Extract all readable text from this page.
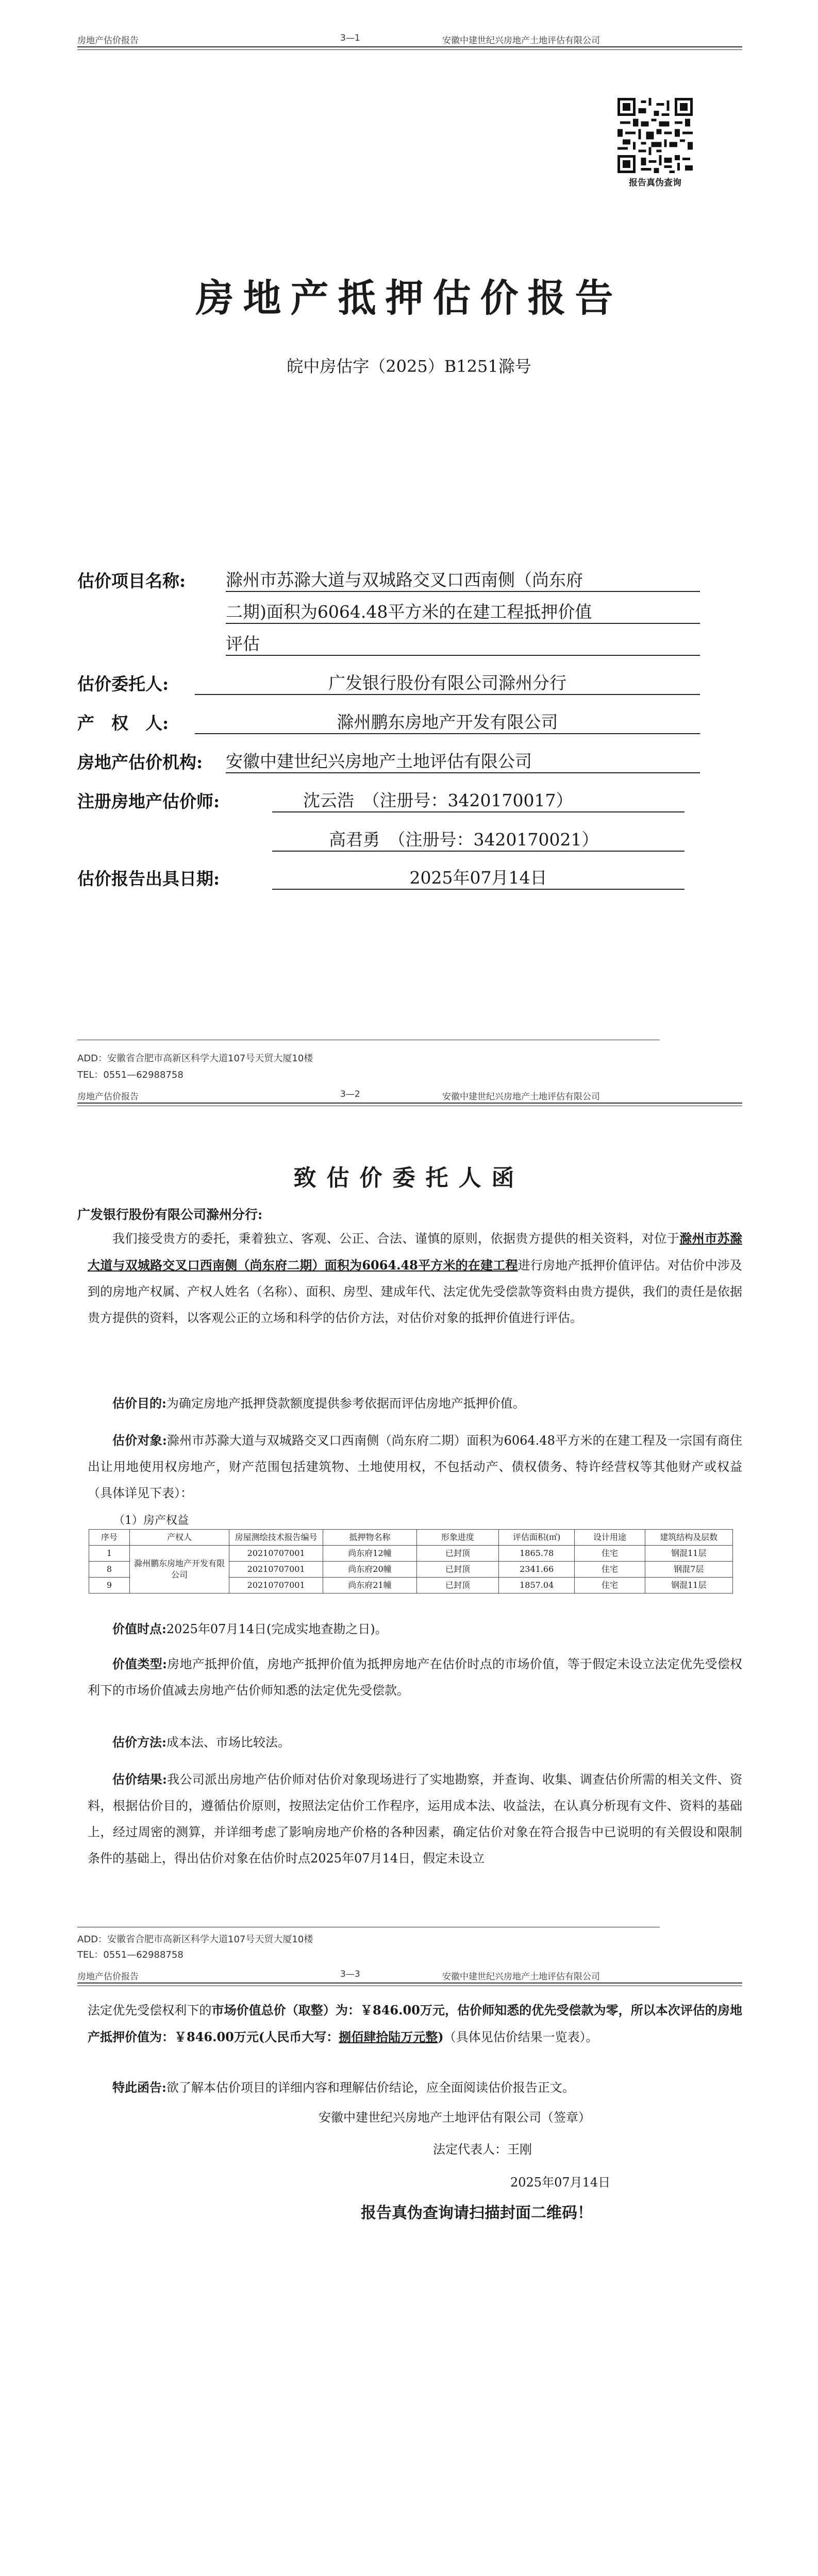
房地产估价报告	3—1	安徽中建世纪兴房地产土地评估有限公司
报告真伪查询
房地产抵押估价报告
皖中房估字（2025）B1251滁号
估价项目名称: 滁州市苏滁大道与双城路交叉口西南侧（尚东府
二期)面积为6064.48平方米的在建工程抵押价值
评估
估价委托人:	广发银行股份有限公司滁州分行
产　权　人:	滁州鹏东房地产开发有限公司
房地产估价机构: 安徽中建世纪兴房地产土地评估有限公司
注册房地产估价师:	沈云浩　（注册号：3420170017）
高君勇　（注册号：3420170021）
估价报告出具日期:	2025年07月14日
ADD：安徽省合肥市高新区科学大道107号天贸大厦10楼
TEL：0551—62988758
房地产估价报告	3—2	安徽中建世纪兴房地产土地评估有限公司
致估价委托人函
广发银行股份有限公司滁州分行:
我们接受贵方的委托，秉着独立、客观、公正、合法、谨慎的原则，依据贵方提供的相关资料，对位于滁州市苏滁大道与双城路交叉口西南侧（尚东府二期）面积为6064.48平方米的在建工程进行房地产抵押价值评估。对估价中涉及到的房地产权属、产权人姓名（名称）、面积、房型、建成年代、法定优先受偿款等资料由贵方提供，我们的责任是依据贵方提供的资料，以客观公正的立场和科学的估价方法，对估价对象的抵押价值进行评估。
估价目的:为确定房地产抵押贷款额度提供参考依据而评估房地产抵押价值。
估价对象:滁州市苏滁大道与双城路交叉口西南侧（尚东府二期）面积为6064.48平方米的在建工程及一宗国有商住出让用地使用权房地产，财产范围包括建筑物、土地使用权，不包括动产、债权债务、特许经营权等其他财产或权益（具体详见下表）：
（1）房产权益
序号	产权人	房屋测绘技术报告编号	抵押物名称	形象进度	评估面积(㎡)	设计用途	建筑结构及层数
1	滁州鹏东房地产开发有限公司	20210707001	尚东府12幢	已封顶	1865.78	住宅	钢混11层
8		20210707001	尚东府20幢	已封顶	2341.66	住宅	钢混7层
9		20210707001	尚东府21幢	已封顶	1857.04	住宅	钢混11层
价值时点:2025年07月14日(完成实地查勘之日)。
价值类型:房地产抵押价值，房地产抵押价值为抵押房地产在估价时点的市场价值，等于假定未设立法定优先受偿权利下的市场价值减去房地产估价师知悉的法定优先受偿款。
估价方法:成本法、市场比较法。
估价结果:我公司派出房地产估价师对估价对象现场进行了实地勘察，并查询、收集、调查估价所需的相关文件、资料，根据估价目的，遵循估价原则，按照法定估价工作程序，运用成本法、收益法，在认真分析现有文件、资料的基础上，经过周密的测算，并详细考虑了影响房地产价格的各种因素，确定估价对象在符合报告中已说明的有关假设和限制条件的基础上，得出估价对象在估价时点2025年07月14日，假定未设立
ADD：安徽省合肥市高新区科学大道107号天贸大厦10楼
TEL：0551—62988758
房地产估价报告	3—3	安徽中建世纪兴房地产土地评估有限公司
法定优先受偿权利下的市场价值总价（取整）为：￥846.00万元，估价师知悉的优先受偿款为零，所以本次评估的房地产抵押价值为：￥846.00万元(人民币大写：捌佰肆拾陆万元整)（具体见估价结果一览表）。
特此函告:欲了解本估价项目的详细内容和理解估价结论，应全面阅读估价报告正文。
安徽中建世纪兴房地产土地评估有限公司（签章）
法定代表人：王刚
2025年07月14日
报告真伪查询请扫描封面二维码！
